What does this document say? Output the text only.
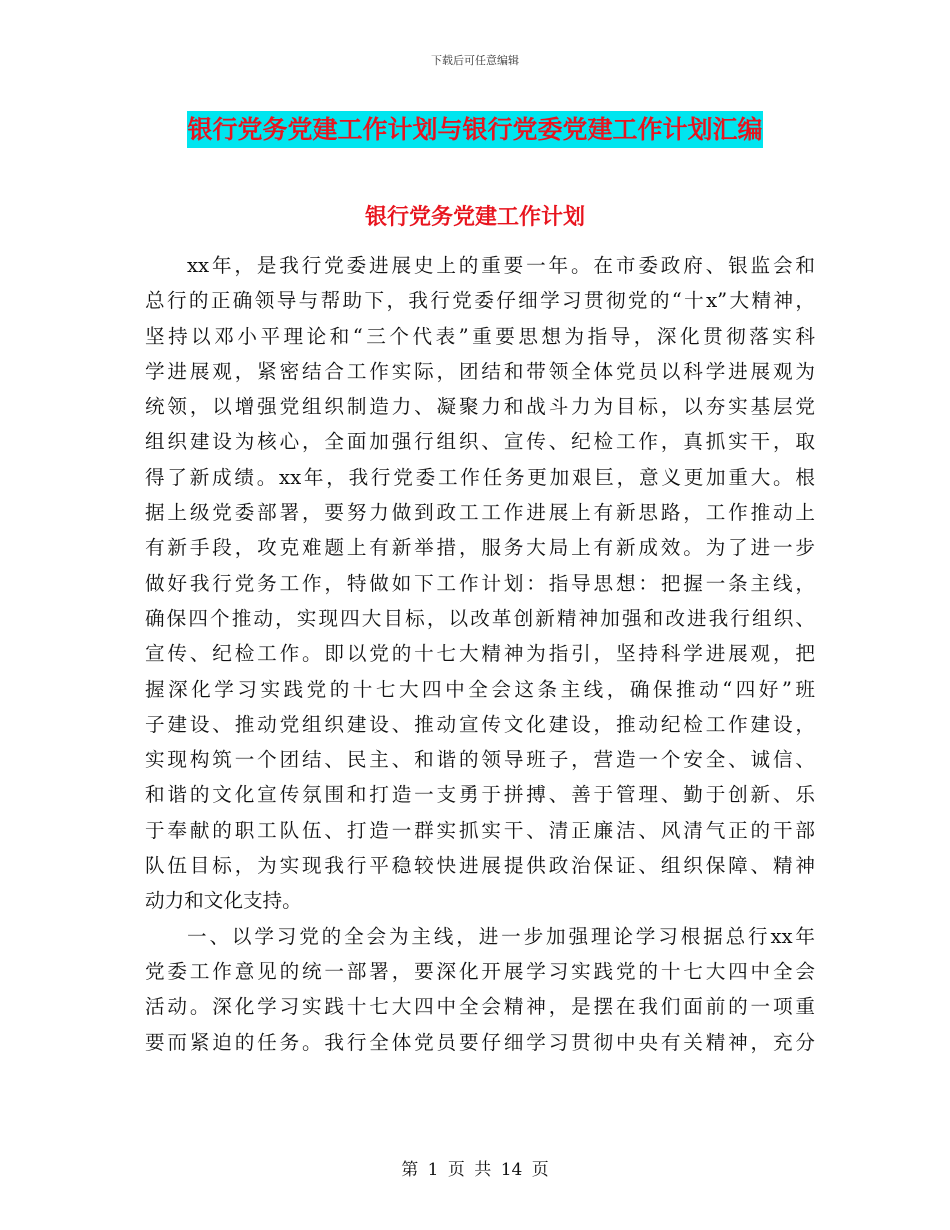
下载后可任意编辑
银行党务党建工作计划与银行党委党建工作计划汇编
银行党务党建工作计划
xx年，是我行党委进展史上的重要一年。在市委政府、银监会和
总行的正确领导与帮助下，我行党委仔细学习贯彻党的“十x”大精神，
坚持以邓小平理论和“三个代表”重要思想为指导，深化贯彻落实科
学进展观，紧密结合工作实际，团结和带领全体党员以科学进展观为
统领，以增强党组织制造力、凝聚力和战斗力为目标，以夯实基层党
组织建设为核心，全面加强行组织、宣传、纪检工作，真抓实干，取
得了新成绩。xx年，我行党委工作任务更加艰巨，意义更加重大。根
据上级党委部署，要努力做到政工工作进展上有新思路，工作推动上
有新手段，攻克难题上有新举措，服务大局上有新成效。为了进一步
做好我行党务工作，特做如下工作计划：指导思想：把握一条主线，
确保四个推动，实现四大目标，以改革创新精神加强和改进我行组织、
宣传、纪检工作。即以党的十七大精神为指引，坚持科学进展观，把
握深化学习实践党的十七大四中全会这条主线，确保推动“四好”班
子建设、推动党组织建设、推动宣传文化建设，推动纪检工作建设，
实现构筑一个团结、民主、和谐的领导班子，营造一个安全、诚信、
和谐的文化宣传氛围和打造一支勇于拼搏、善于管理、勤于创新、乐
于奉献的职工队伍、打造一群实抓实干、清正廉洁、风清气正的干部
队伍目标，为实现我行平稳较快进展提供政治保证、组织保障、精神
动力和文化支持。
一、以学习党的全会为主线，进一步加强理论学习根据总行xx年
党委工作意见的统一部署，要深化开展学习实践党的十七大四中全会
活动。深化学习实践十七大四中全会精神，是摆在我们面前的一项重
要而紧迫的任务。我行全体党员要仔细学习贯彻中央有关精神，充分
第 1 页 共 14 页
